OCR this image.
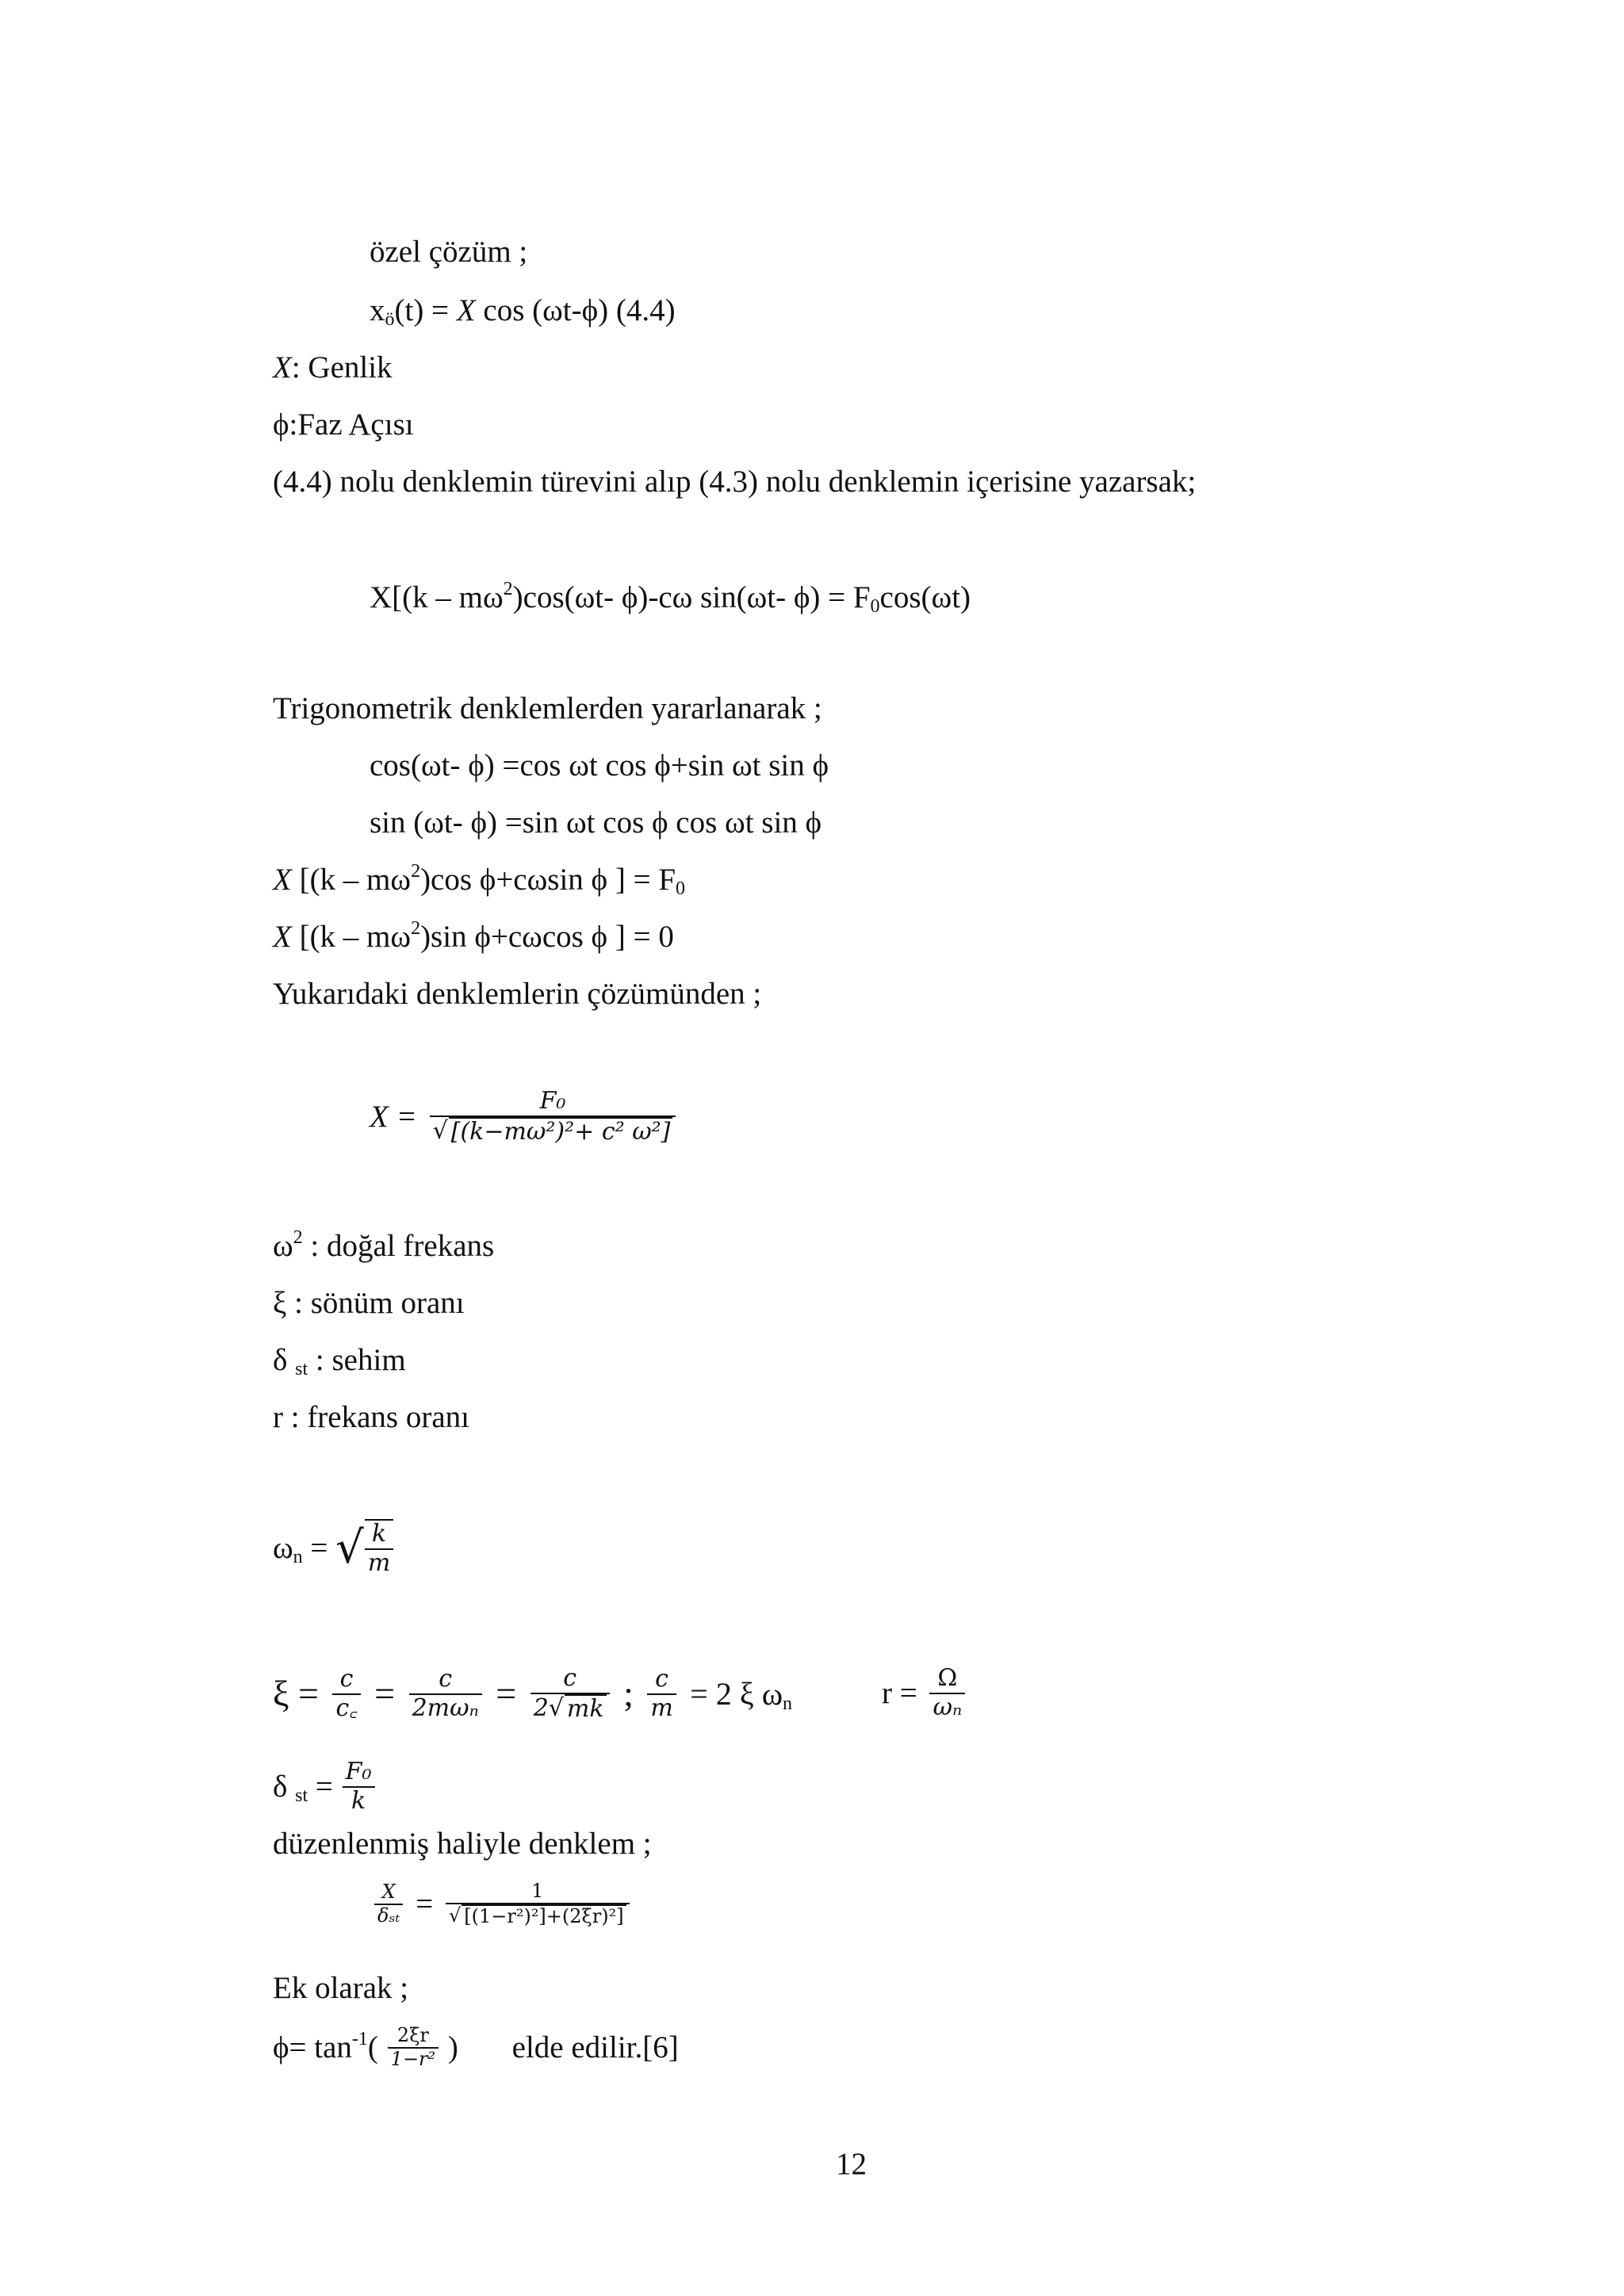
özel çözüm ;
$x_ö(t) = X$ cos (ωt-ϕ) (4.4)
X: Genlik
ϕ:Faz Açısı
(4.4) nolu denklemin türevini alıp (4.3) nolu denklemin içerisine yazarsak;
$X[(k - m\omega^2)\cos(\omega t-$ ϕ)-cω sin(ωt- $\phi) = F_0\cos(\omega t)$
Trigonometrik denklemlerden yararlanarak ;
cos(ωt- ϕ) =cos ωt cos ϕ+sin ωt sin ϕ
sin (ωt- ϕ) =sin ωt cos ϕ cos ωt sin ϕ
X [$(k - m\omega^2)\cos$ ϕ+cωsin ϕ ] = $F_0$
X [$(k - m\omega^2)\sin$ ϕ+cωcos ϕ ] = 0
Yukarıdaki denklemlerin çözümünden ;
$X = \frac{\text{F₀}}{\text{√ [(k−mω²)²+ c² ω²]}}$
$\omega^2$ : doğal frekans
ξ : sönüm oranı
δ $_{st}$ : sehim
r : frekans oranı
$\omega_n$ = √ $\frac{k}{m}$
$\xi = \frac{c}{c꜀} = \frac{c}{\text{2mωₙ}} = \frac{c}{2 √ mk}$ ; $\frac{c}{m} = 2$ ξ $\omega_n$	$r = \frac{\Omega}{\text{ωₙ}}$
δ $_{st} = \frac{\text{F₀}}{k}$
düzenlenmiş haliyle denklem ;
$\frac{X}{\text{δₛₜ}} = \frac{1}{\text{√ [(1−r²)²]+(2ξr)²]}}$
Ek olarak ;
$\phi= \tan^{-1}( \frac{2\xi r}{\text{1−r²}}$ ) elde edilir.[6]
12
